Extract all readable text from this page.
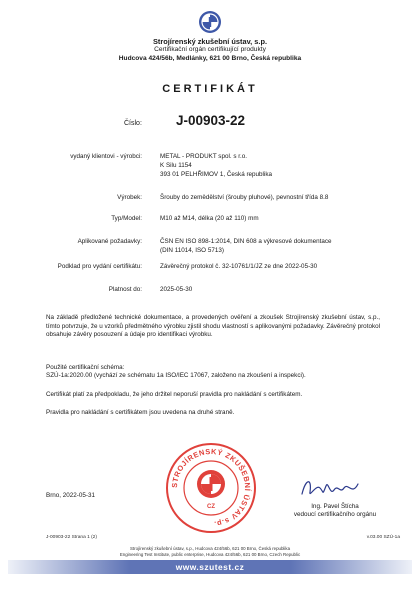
Strojírenský zkušební ústav, s.p.
Certifikační orgán certifikující produkty
Hudcova 424/56b, Medlánky, 621 00 Brno, Česká republika
CERTIFIKÁT
Číslo:	J-00903-22
vydaný klientovi - výrobci:	METAL - PRODUKT spol. s r.o.
K Silu 1154
393 01 PELHŘIMOV 1, Česká republika
Výrobek:	Šrouby do zemědělství (šrouby pluhové), pevnostní třída 8.8
Typ/Model:	M10 až M14, délka (20 až 110) mm
Aplikované požadavky:	ČSN EN ISO 898-1:2014, DIN 608 a výkresové dokumentace
(DIN 11014, ISO 5713)
Podklad pro vydání certifikátu:	Závěrečný protokol č. 32-10761/1/JZ ze dne 2022-05-30
Platnost do:	2025-05-30
Na základě předložené technické dokumentace, a provedených ověření a zkoušek Strojírenský zkušební ústav, s.p., tímto potvrzuje, že u vzorků předmětného výrobku zjistil shodu vlastností s aplikovanými požadavky. Závěrečný protokol obsahuje závěry posouzení a údaje pro identifikaci výrobku.
Použité certifikační schéma:
SZÚ-1a:2020.00 (vychází ze schématu 1a ISO/IEC 17067, založeno na zkoušení a inspekci).
Certifikát platí za předpokladu, že jeho držitel neporuší pravidla pro nakládání s certifikátem.
Pravidla pro nakládání s certifikátem jsou uvedena na druhé straně.
STROJÍRENSKÝ ZKUŠEBNÍ ÚSTAV s.p.
CZ
Brno, 2022-05-31
Ing. Pavel Štícha
vedoucí certifikačního orgánu
J-00903-22 Strana 1 (2)	v.03.00 SZÚ-1a
Strojírenský zkušební ústav, s.p., Hudcova 424/56b, 621 00 Brno, Česká republika
Engineering Test Institute, public enterprise, Hudcova 424/56b, 621 00 Brno, Czech Republic
www.szutest.cz
